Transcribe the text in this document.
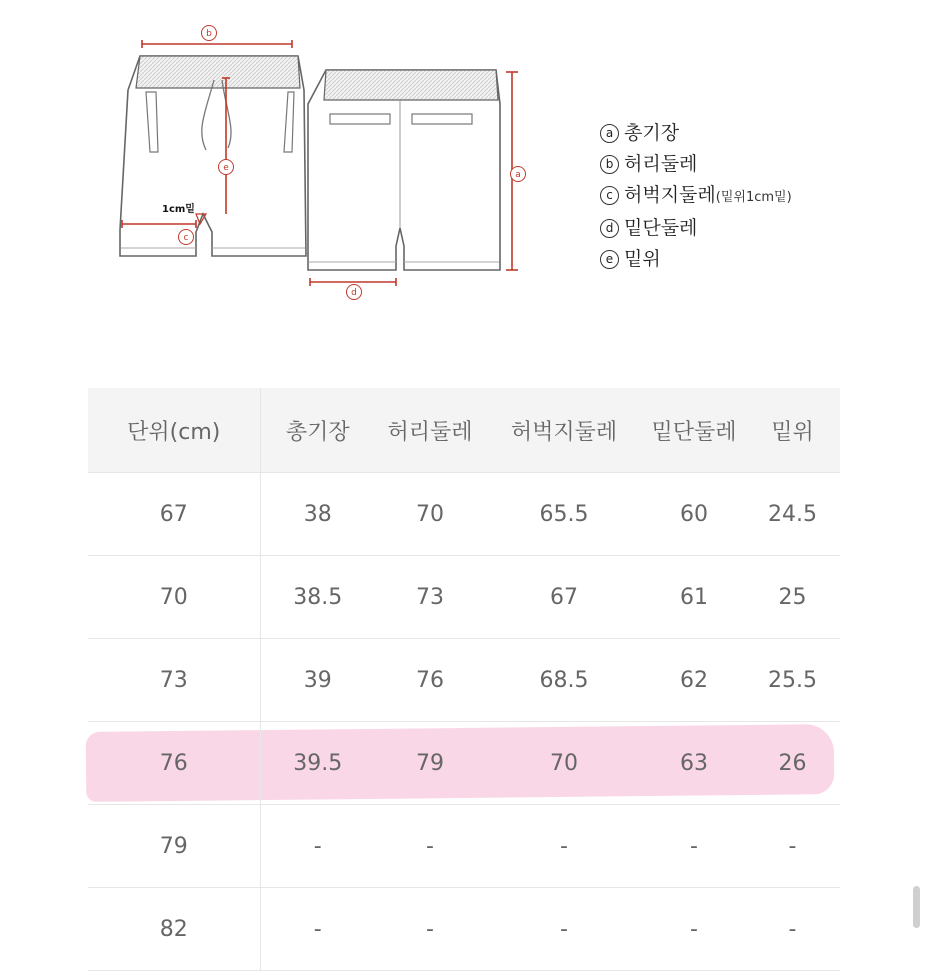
b
e
c
1cm밑
a
d
a 총기장
b 허리둘레
c 허벅지둘레(밑위1cm밑)
d 밑단둘레
e 밑위
단위(cm)	총기장	허리둘레	허벅지둘레	밑단둘레	밑위
67	38	70	65.5	60	24.5
70	38.5	73	67	61	25
73	39	76	68.5	62	25.5
76	39.5	79	70	63	26
79	-	-	-	-	-
82	-	-	-	-	-
